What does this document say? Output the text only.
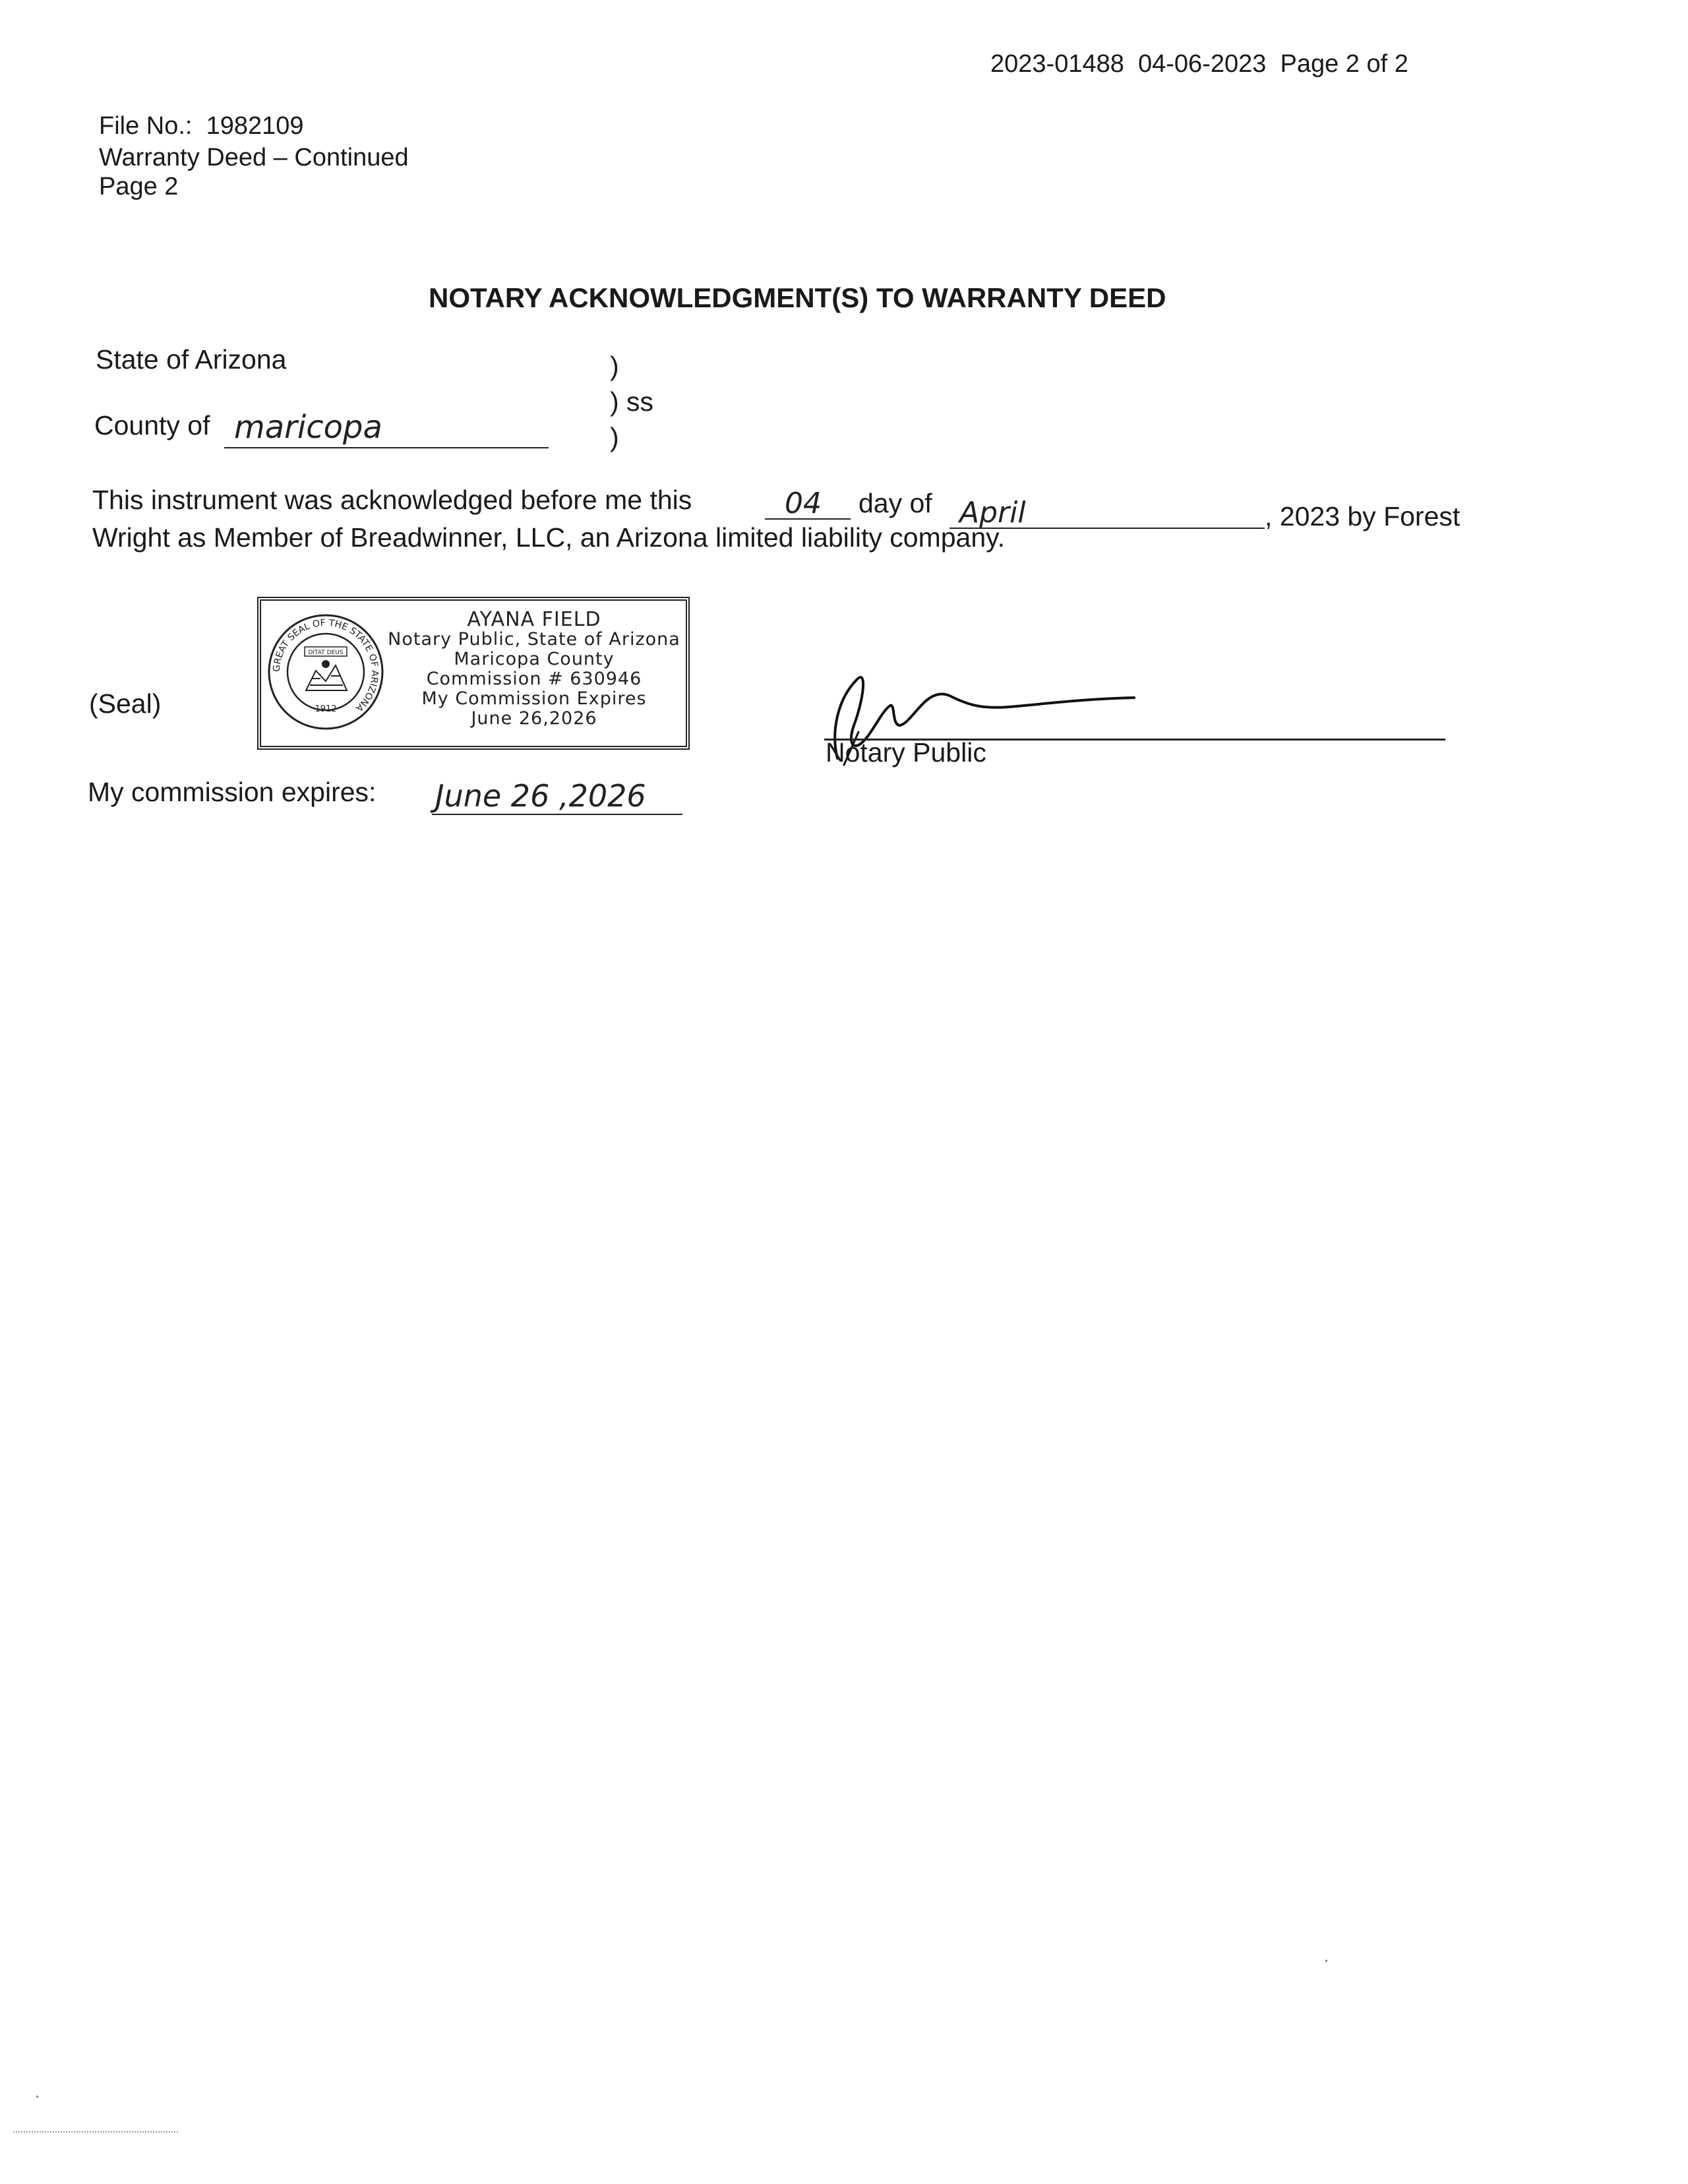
2023-01488  04-06-2023  Page 2 of 2
File No.:  1982109
Warranty Deed – Continued
Page 2
NOTARY ACKNOWLEDGMENT(S) TO WARRANTY DEED
State of Arizona	)
) ss
)
County of maricopa
This instrument was acknowledged before me this	04 day of April	, 2023 by Forest
Wright as Member of Breadwinner, LLC, an Arizona limited liability company.
(Seal)
GREAT SEAL OF THE STATE OF ARIZONA
DITAT DEUS
1912
AYANA FIELD
Notary Public, State of Arizona
Maricopa County
Commission # 630946
My Commission Expires
June 26,2026
Notary Public
My commission expires: June 26 ,2026
